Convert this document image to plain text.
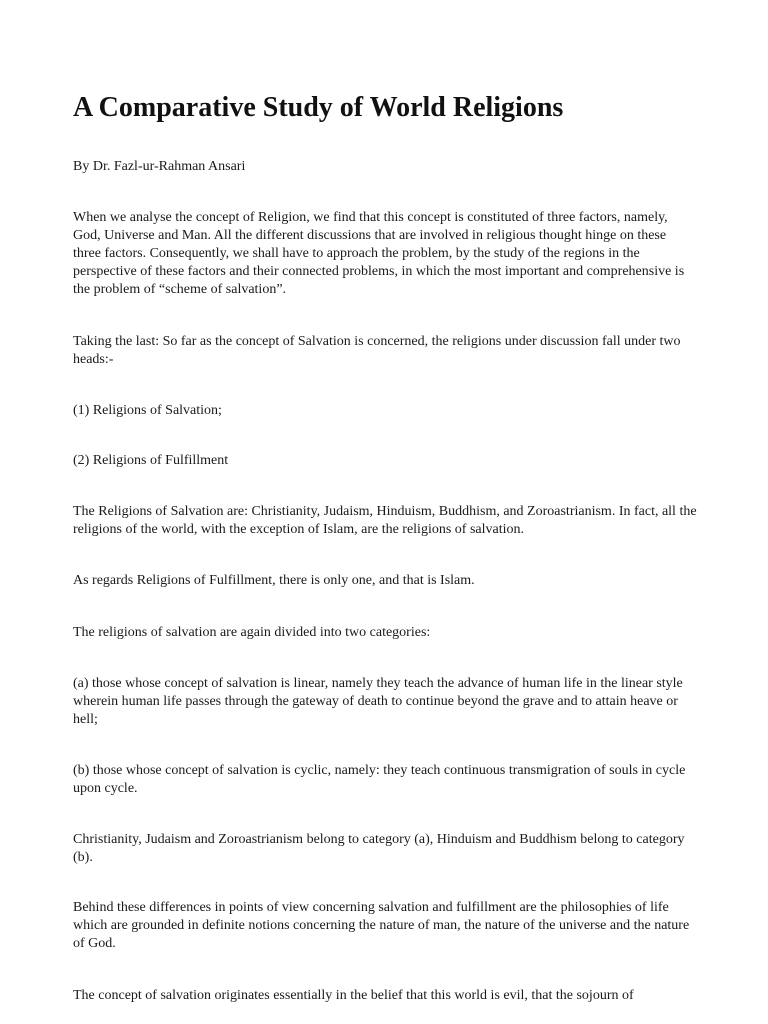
A Comparative Study of World Religions

By Dr. Fazl-ur-Rahman Ansari

When we analyse the concept of Religion, we find that this concept is constituted of three factors, namely, God, Universe and Man. All the different discussions that are involved in religious thought hinge on these three factors. Consequently, we shall have to approach the problem, by the study of the regions in the perspective of these factors and their connected problems, in which the most important and comprehensive is the problem of “scheme of salvation”.

Taking the last: So far as the concept of Salvation is concerned, the religions under discussion fall under two heads:-

(1) Religions of Salvation;

(2) Religions of Fulfillment

The Religions of Salvation are: Christianity, Judaism, Hinduism, Buddhism, and Zoroastrianism. In fact, all the religions of the world, with the exception of Islam, are the religions of salvation.

As regards Religions of Fulfillment, there is only one, and that is Islam.

The religions of salvation are again divided into two categories:

(a) those whose concept of salvation is linear, namely they teach the advance of human life in the linear style wherein human life passes through the gateway of death to continue beyond the grave and to attain heave or hell;

(b) those whose concept of salvation is cyclic, namely: they teach continuous transmigration of souls in cycle upon cycle.

Christianity, Judaism and Zoroastrianism belong to category (a), Hinduism and Buddhism belong to category (b).

Behind these differences in points of view concerning salvation and fulfillment are the philosophies of life which are grounded in definite notions concerning the nature of man, the nature of the universe and the nature of God.

The concept of salvation originates essentially in the belief that this world is evil, that the sojourn of
